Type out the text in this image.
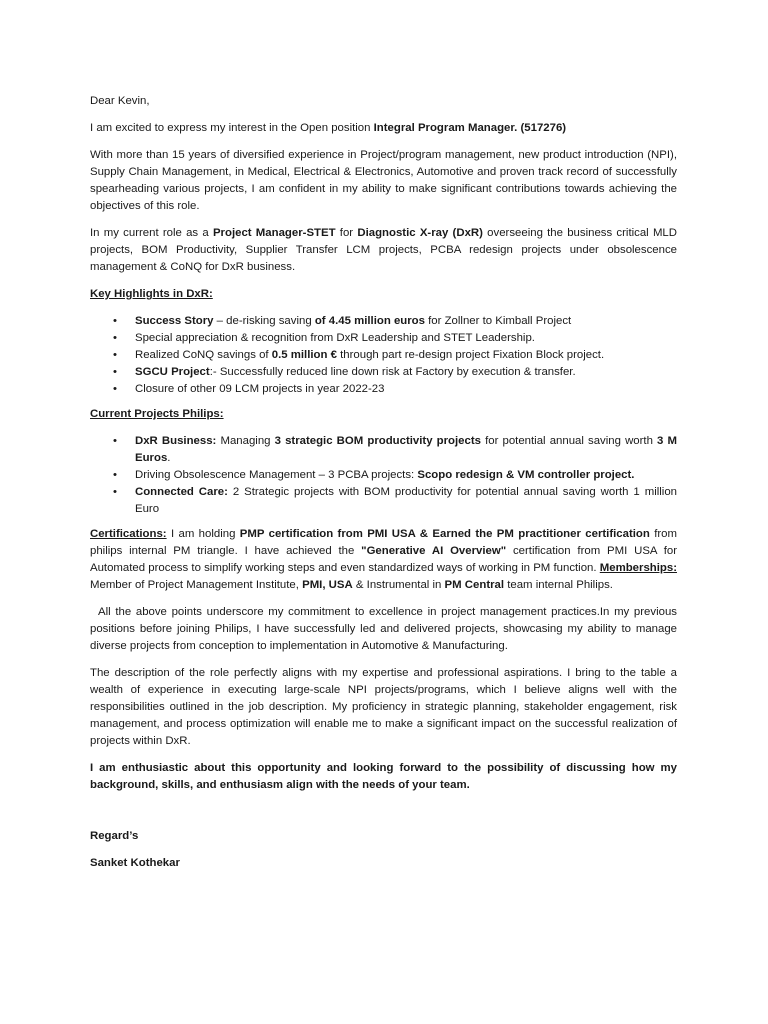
Dear Kevin,

I am excited to express my interest in the Open position Integral Program Manager. (517276)

With more than 15 years of diversified experience in Project/program management, new product introduction (NPI), Supply Chain Management, in Medical, Electrical & Electronics, Automotive and proven track record of successfully spearheading various projects, I am confident in my ability to make significant contributions towards achieving the objectives of this role.

In my current role as a Project Manager-STET for Diagnostic X-ray (DxR) overseeing the business critical MLD projects, BOM Productivity, Supplier Transfer LCM projects, PCBA redesign projects under obsolescence management & CoNQ for DxR business.

Key Highlights in DxR:
• Success Story – de-risking saving of 4.45 million euros for Zollner to Kimball Project
• Special appreciation & recognition from DxR Leadership and STET Leadership.
• Realized CoNQ savings of 0.5 million € through part re-design project Fixation Block project.
• SGCU Project:- Successfully reduced line down risk at Factory by execution & transfer.
• Closure of other 09 LCM projects in year 2022-23
Current Projects Philips:
• DxR Business: Managing 3 strategic BOM productivity projects for potential annual saving worth 3 M Euros.
• Driving Obsolescence Management – 3 PCBA projects: Scopo redesign & VM controller project.
• Connected Care: 2 Strategic projects with BOM productivity for potential annual saving worth 1 million Euro

Certifications: I am holding PMP certification from PMI USA & Earned the PM practitioner certification from philips internal PM triangle. I have achieved the "Generative AI Overview" certification from PMI USA for Automated process to simplify working steps and even standardized ways of working in PM function. Memberships: Member of Project Management Institute, PMI, USA & Instrumental in PM Central team internal Philips.

All the above points underscore my commitment to excellence in project management practices.In my previous positions before joining Philips, I have successfully led and delivered projects, showcasing my ability to manage diverse projects from conception to implementation in Automotive & Manufacturing.

The description of the role perfectly aligns with my expertise and professional aspirations. I bring to the table a wealth of experience in executing large-scale NPI projects/programs, which I believe aligns well with the responsibilities outlined in the job description. My proficiency in strategic planning, stakeholder engagement, risk management, and process optimization will enable me to make a significant impact on the successful realization of projects within DxR.

I am enthusiastic about this opportunity and looking forward to the possibility of discussing how my background, skills, and enthusiasm align with the needs of your team.

Regard’s
Sanket Kothekar
